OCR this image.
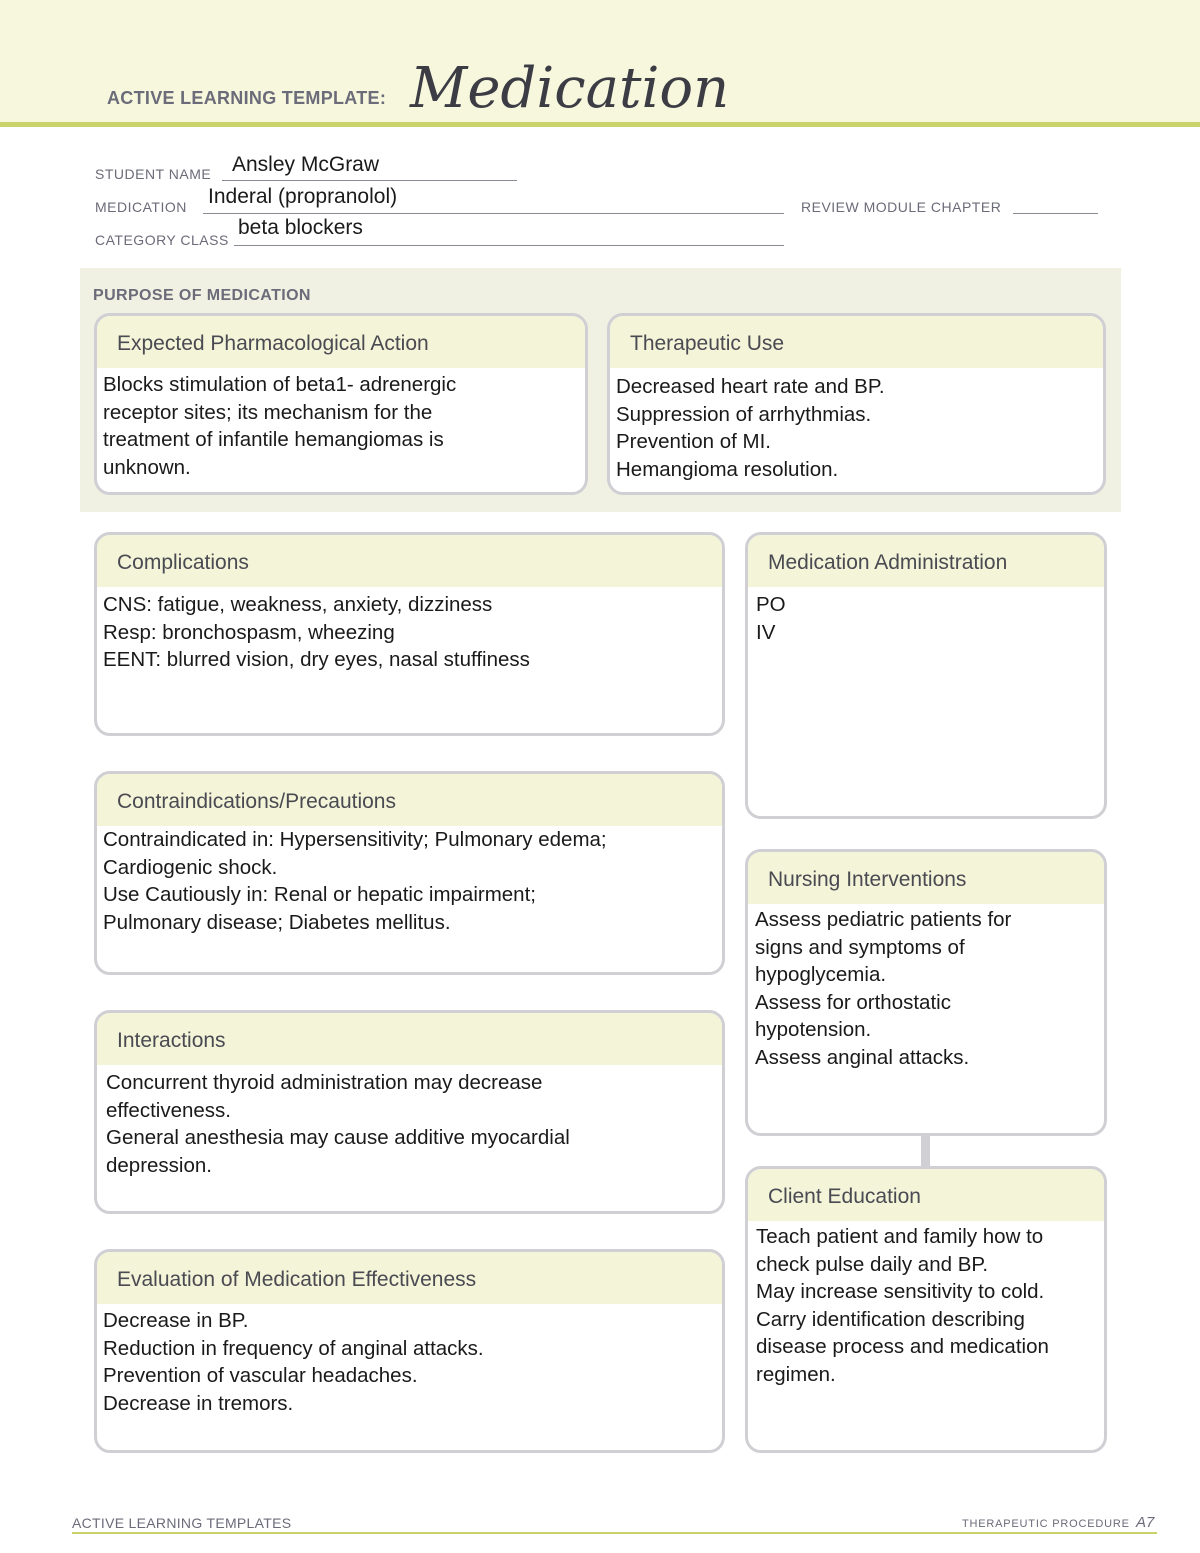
ACTIVE LEARNING TEMPLATE: Medication
STUDENT NAME Ansley McGraw
MEDICATION Inderal (propranolol)	REVIEW MODULE CHAPTER
CATEGORY CLASS
beta blockers
PURPOSE OF MEDICATION
Expected Pharmacological Action
Blocks stimulation of beta1- adrenergic
receptor sites; its mechanism for the
treatment of infantile hemangiomas is
unknown.
Therapeutic Use
Decreased heart rate and BP.
Suppression of arrhythmias.
Prevention of MI.
Hemangioma resolution.
Complications
CNS: fatigue, weakness, anxiety, dizziness
Resp: bronchospasm, wheezing
EENT: blurred vision, dry eyes, nasal stuffiness
Contraindications/Precautions
Contraindicated in: Hypersensitivity; Pulmonary edema;
Cardiogenic shock.
Use Cautiously in: Renal or hepatic impairment;
Pulmonary disease; Diabetes mellitus.
Interactions
Concurrent thyroid administration may decrease
effectiveness.
General anesthesia may cause additive myocardial
depression.
Evaluation of Medication Effectiveness
Decrease in BP.
Reduction in frequency of anginal attacks.
Prevention of vascular headaches.
Decrease in tremors.
Medication Administration
PO
IV
Nursing Interventions
Assess pediatric patients for
signs and symptoms of
hypoglycemia.
Assess for orthostatic
hypotension.
Assess anginal attacks.
Client Education
Teach patient and family how to
check pulse daily and BP.
May increase sensitivity to cold.
Carry identification describing
disease process and medication
regimen.
ACTIVE LEARNING TEMPLATES	THERAPEUTIC PROCEDURE A7
